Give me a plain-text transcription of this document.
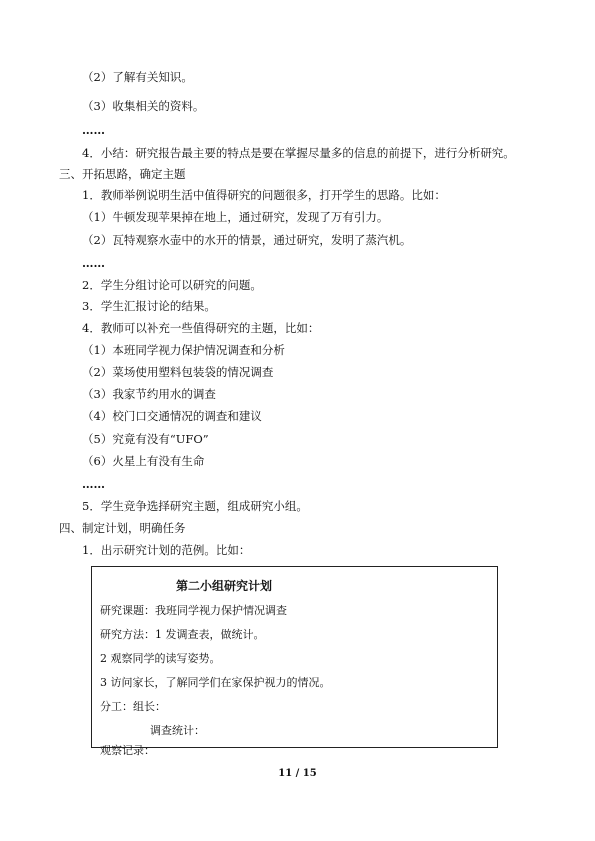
（2）了解有关知识。
（3）收集相关的资料。
……
4．小结：研究报告最主要的特点是要在掌握尽量多的信息的前提下，进行分析研究。
三、开拓思路，确定主题
1．教师举例说明生活中值得研究的问题很多，打开学生的思路。比如：
（1）牛顿发现苹果掉在地上，通过研究，发现了万有引力。
（2）瓦特观察水壶中的水开的情景，通过研究，发明了蒸汽机。
……
2．学生分组讨论可以研究的问题。
3．学生汇报讨论的结果。
4．教师可以补充一些值得研究的主题，比如：
（1）本班同学视力保护情况调查和分析
（2）菜场使用塑料包装袋的情况调查
（3）我家节约用水的调查
（4）校门口交通情况的调查和建议
（5）究竟有没有“UFO”
（6）火星上有没有生命
……
5．学生竞争选择研究主题，组成研究小组。
四、制定计划，明确任务
1．出示研究计划的范例。比如：
第二小组研究计划
研究课题：我班同学视力保护情况调查
研究方法：1 发调查表，做统计。
2 观察同学的读写姿势。
3 访问家长，了解同学们在家保护视力的情况。
分工：组长：
调查统计：
观察记录：
11 / 15
